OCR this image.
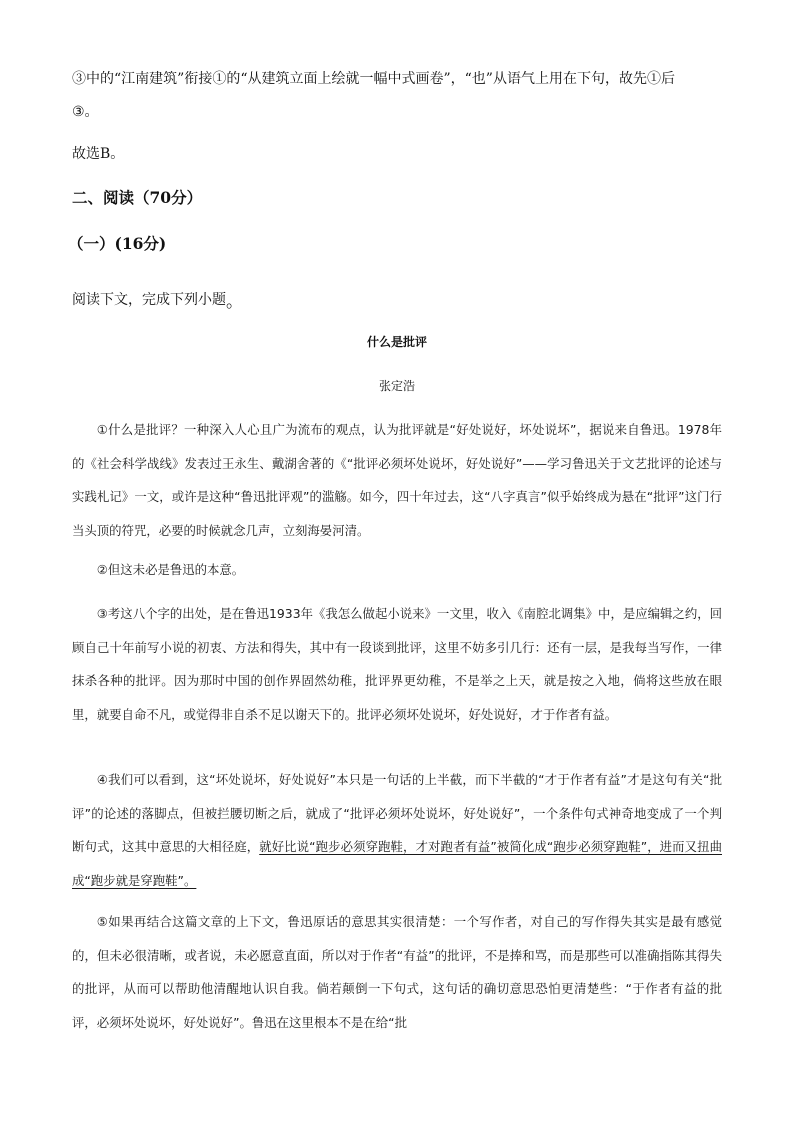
③中的“江南建筑”衔接①的“从建筑立面上绘就一幅中式画卷”，“也”从语气上用在下句，故先①后
③。
故选B。
二、阅读（70分）
（一）(16分)
阅读下文，完成下列小题。
什么是批评
张定浩
①什么是批评？一种深入人心且广为流布的观点，认为批评就是“好处说好，坏处说坏”，据说来自鲁迅。1978年的《社会科学战线》发表过王永生、戴湖舍著的《“批评必须坏处说坏，好处说好”——学习鲁迅关于文艺批评的论述与实践札记》一文，或许是这种“鲁迅批评观”的滥觞。如今，四十年过去，这“八字真言”似乎始终成为悬在“批评”这门行当头顶的符咒，必要的时候就念几声，立刻海晏河清。
②但这未必是鲁迅的本意。
③考这八个字的出处，是在鲁迅1933年《我怎么做起小说来》一文里，收入《南腔北调集》中，是应编辑之约，回顾自己十年前写小说的初衷、方法和得失，其中有一段谈到批评，这里不妨多引几行：还有一层，是我每当写作，一律抹杀各种的批评。因为那时中国的创作界固然幼稚，批评界更幼稚，不是举之上天，就是按之入地，倘将这些放在眼里，就要自命不凡，或觉得非自杀不足以谢天下的。批评必须坏处说坏，好处说好，才于作者有益。
④我们可以看到，这“坏处说坏，好处说好”本只是一句话的上半截，而下半截的“才于作者有益”才是这句有关“批评”的论述的落脚点，但被拦腰切断之后，就成了“批评必须坏处说坏，好处说好”，一个条件句式神奇地变成了一个判断句式，这其中意思的大相径庭，就好比说“跑步必须穿跑鞋，才对跑者有益”被简化成“跑步必须穿跑鞋”，进而又扭曲成“跑步就是穿跑鞋”。
⑤如果再结合这篇文章的上下文，鲁迅原话的意思其实很清楚：一个写作者，对自己的写作得失其实是最有感觉的，但未必很清晰，或者说，未必愿意直面，所以对于作者“有益”的批评，不是捧和骂，而是那些可以准确指陈其得失的批评，从而可以帮助他清醒地认识自我。倘若颠倒一下句式，这句话的确切意思恐怕更清楚些：“于作者有益的批评，必须坏处说坏，好处说好”。鲁迅在这里根本不是在给“批
